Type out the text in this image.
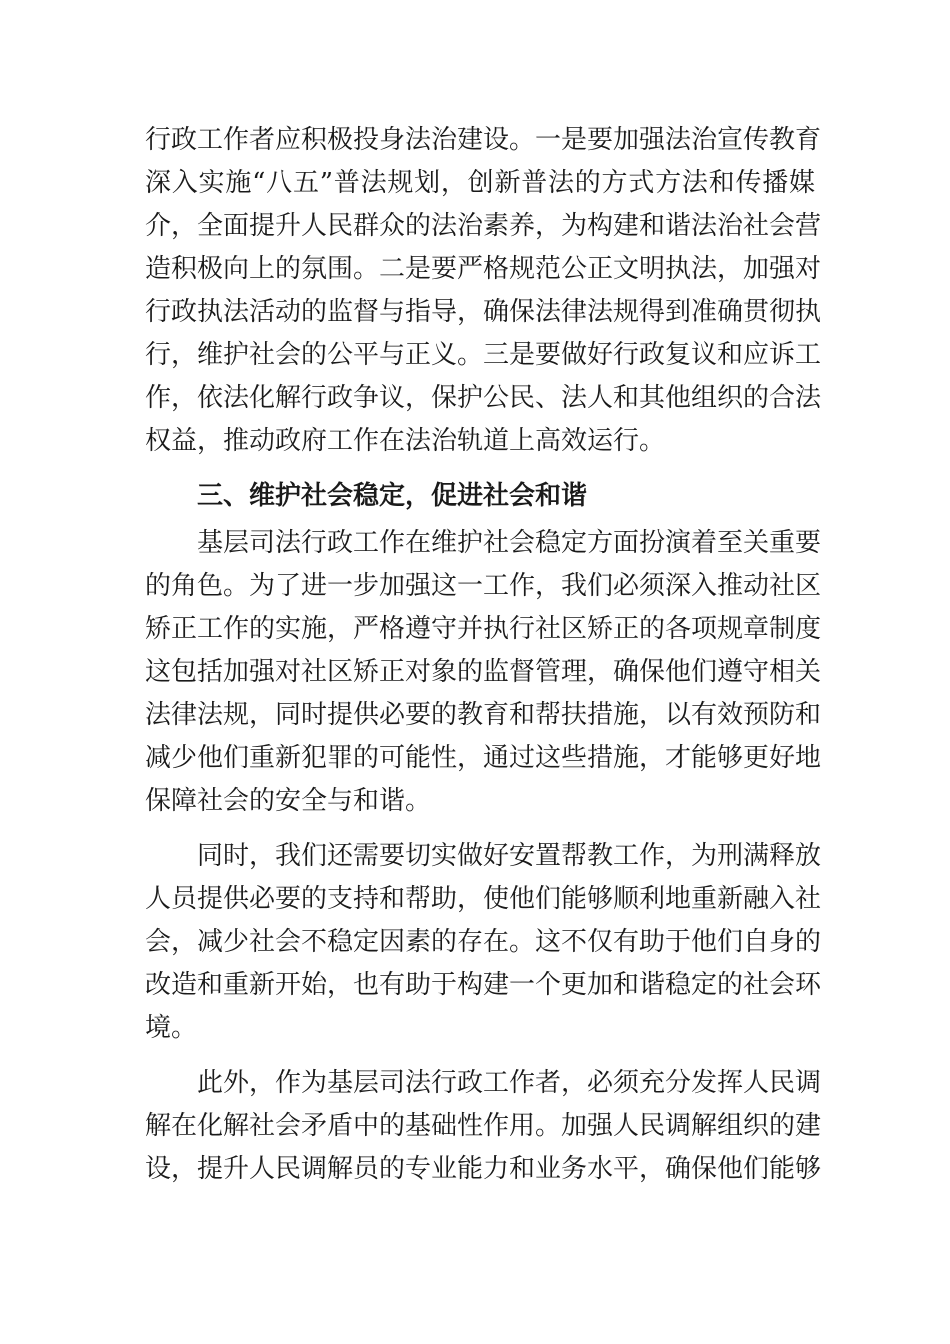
行政工作者应积极投身法治建设。一是要加强法治宣传教育
深入实施“八五”普法规划，创新普法的方式方法和传播媒
介，全面提升人民群众的法治素养，为构建和谐法治社会营
造积极向上的氛围。二是要严格规范公正文明执法，加强对
行政执法活动的监督与指导，确保法律法规得到准确贯彻执
行，维护社会的公平与正义。三是要做好行政复议和应诉工
作，依法化解行政争议，保护公民、法人和其他组织的合法
权益，推动政府工作在法治轨道上高效运行。
三、维护社会稳定，促进社会和谐
基层司法行政工作在维护社会稳定方面扮演着至关重要
的角色。为了进一步加强这一工作，我们必须深入推动社区
矫正工作的实施，严格遵守并执行社区矫正的各项规章制度
这包括加强对社区矫正对象的监督管理，确保他们遵守相关
法律法规，同时提供必要的教育和帮扶措施，以有效预防和
减少他们重新犯罪的可能性，通过这些措施，才能够更好地
保障社会的安全与和谐。
同时，我们还需要切实做好安置帮教工作，为刑满释放
人员提供必要的支持和帮助，使他们能够顺利地重新融入社
会，减少社会不稳定因素的存在。这不仅有助于他们自身的
改造和重新开始，也有助于构建一个更加和谐稳定的社会环
境。
此外，作为基层司法行政工作者，必须充分发挥人民调
解在化解社会矛盾中的基础性作用。加强人民调解组织的建
设，提升人民调解员的专业能力和业务水平，确保他们能够
